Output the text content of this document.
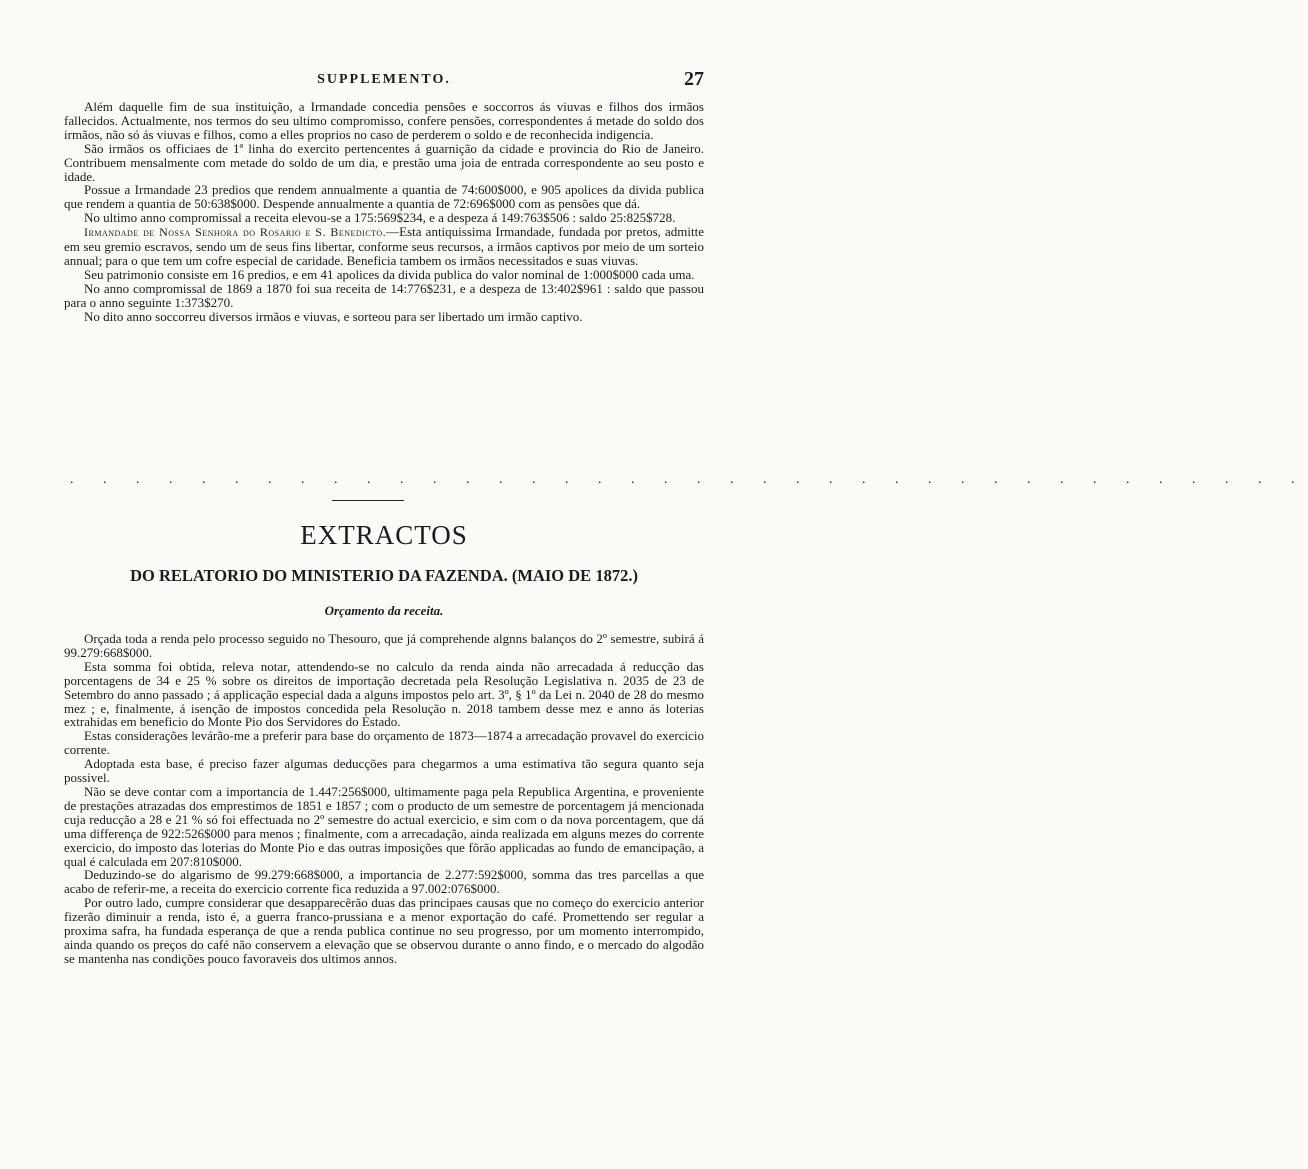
SUPPLEMENTO.	27

Além daquelle fim de sua instituição, a Irmandade concedia pensões e soccorros ás viuvas e filhos dos irmãos fallecidos. Actualmente, nos termos do seu ultimo compromisso, confere pensões, correspondentes á metade do soldo dos irmãos, não só ás viuvas e filhos, como a elles proprios no caso de perderem o soldo e de reconhecida indigencia.

São irmãos os officiaes de 1ª linha do exercito pertencentes á guarnição da cidade e provincia do Rio de Janeiro. Contribuem mensalmente com metade do soldo de um dia, e prestão uma joia de entrada correspondente ao seu posto e idade.

Possue a Irmandade 23 predios que rendem annualmente a quantia de 74:600$000, e 905 apolices da divida publica que rendem a quantia de 50:638$000. Despende annualmente a quantia de 72:696$000 com as pensões que dá.

No ultimo anno compromissal a receita elevou-se a 175:569$234, e a despeza á 149:763$506 : saldo 25:825$728.

Irmandade de Nossa Senhora do Rosario e S. Benedicto.—Esta antiquissima Irmandade, fundada por pretos, admitte em seu gremio escravos, sendo um de seus fins libertar, conforme seus recursos, a irmãos captivos por meio de um sorteio annual; para o que tem um cofre especial de caridade. Beneficia tambem os irmãos necessitados e suas viuvas.

Seu patrimonio consiste em 16 predios, e em 41 apolices da divida publica do valor nominal de 1:000$000 cada uma.

No anno compromissal de 1869 a 1870 foi sua receita de 14:776$231, e a despeza de 13:402$961 : saldo que passou para o anno seguinte 1:373$270.

No dito anno soccorreu diversos irmãos e viuvas, e sorteou para ser libertado um irmão captivo.

. . . . . . . . . . . . . . . . . . . . . . . . . . . . . . . . . . . . . .
EXTRACTOS
DO RELATORIO DO MINISTERIO DA FAZENDA. (MAIO DE 1872.)
Orçamento da receita.

Orçada toda a renda pelo processo seguido no Thesouro, que já comprehende algnns balanços do 2º semestre, subirá á 99.279:668$000.

Esta somma foi obtida, releva notar, attendendo-se no calculo da renda ainda não arrecadada á reducção das porcentagens de 34 e 25 % sobre os direitos de importação decretada pela Resolução Legislativa n. 2035 de 23 de Setembro do anno passado ; á applicação especial dada a alguns impostos pelo art. 3º, § 1º da Lei n. 2040 de 28 do mesmo mez ; e, finalmente, á isenção de impostos concedida pela Resolução n. 2018 tambem desse mez e anno ás loterias extrahidas em beneficio do Monte Pio dos Servidores do Estado.

Estas considerações levárão-me a preferir para base do orçamento de 1873—1874 a arrecadação provavel do exercicio corrente.

Adoptada esta base, é preciso fazer algumas deducções para chegarmos a uma estimativa tão segura quanto seja possivel.

Não se deve contar com a importancia de 1.447:256$000, ultimamente paga pela Republica Argentina, e proveniente de prestações atrazadas dos emprestimos de 1851 e 1857 ; com o producto de um semestre de porcentagem já mencionada cuja reducção a 28 e 21 % só foi effectuada no 2º semestre do actual exercicio, e sim com o da nova porcentagem, que dá uma differença de 922:526$000 para menos ; finalmente, com a arrecadação, ainda realizada em alguns mezes do corrente exercicio, do imposto das loterias do Monte Pio e das outras imposições que fôrão applicadas ao fundo de emancipação, a qual é calculada em 207:810$000.

Deduzindo-se do algarismo de 99.279:668$000, a importancia de 2.277:592$000, somma das tres parcellas a que acabo de referir-me, a receita do exercicio corrente fica reduzida a 97.002:076$000.

Por outro lado, cumpre considerar que desapparecêrão duas das principaes causas que no começo do exercicio anterior fizerão diminuir a renda, isto é, a guerra franco-prussiana e a menor exportação do café. Promettendo ser regular a proxima safra, ha fundada esperança de que a renda publica continue no seu progresso, por um momento interrompido, ainda quando os preços do café não conservem a elevação que se observou durante o anno findo, e o mercado do algodão se mantenha nas condições pouco favoraveis dos ultimos annos.
